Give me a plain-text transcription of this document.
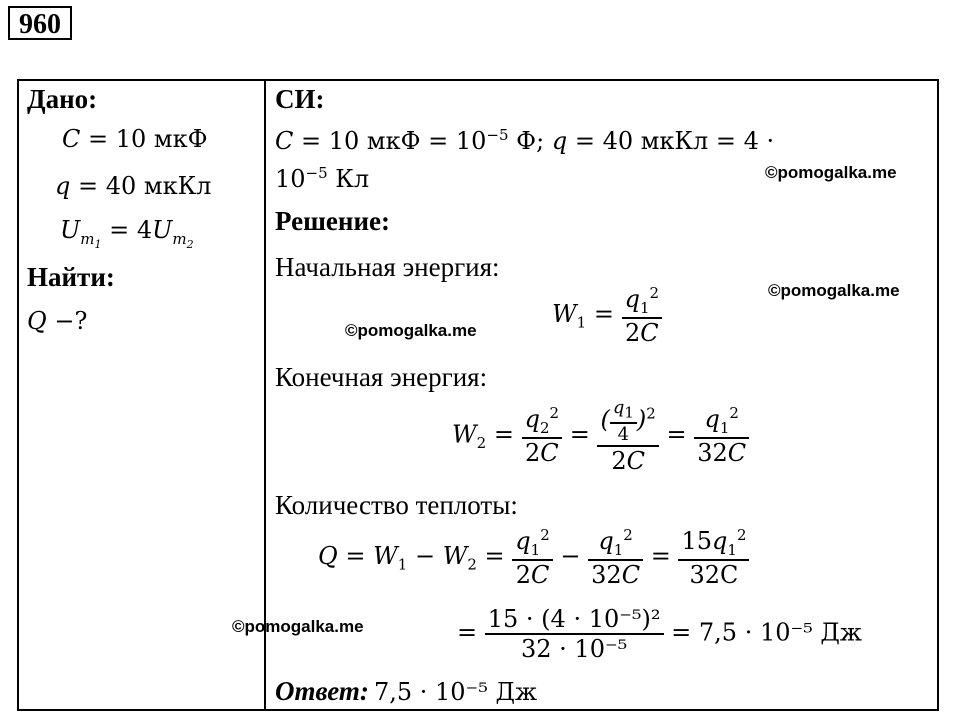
960
Дано:
C = 10 мкФ
q = 40 мкКл
$U_{m_1} = 4U_{m_2}$
Найти:
Q −?
СИ:
C = 10 мкФ = $10^{-5}$ Ф; q = 40 мкКл = 4 ·
$10^{-5}$ Кл
Решение:
Начальная энергия:
$W_1 = \frac{q_1^2}{2C}$
Конечная энергия:
$W_2 = \frac{q_2^2}{2C} = \frac{( \frac{q_1}{4} )^2}{2C} = \frac{q_1^2}{32C}$
Количество теплоты:
$Q = W_1 - W_2 = \frac{q_1^2}{2C} - \frac{q_1^2}{32C} = \frac{15q_1^2}{32C}$
= $\frac{\text{15 · (4 · 10⁻⁵)²}}{\text{32 · 10⁻⁵}} = 7,5 \cdot 10^{-5}$ Дж
Ответ: 7,5 · 10⁻⁵ Дж
©pomogalka.me
©pomogalka.me
©pomogalka.me
©pomogalka.me
